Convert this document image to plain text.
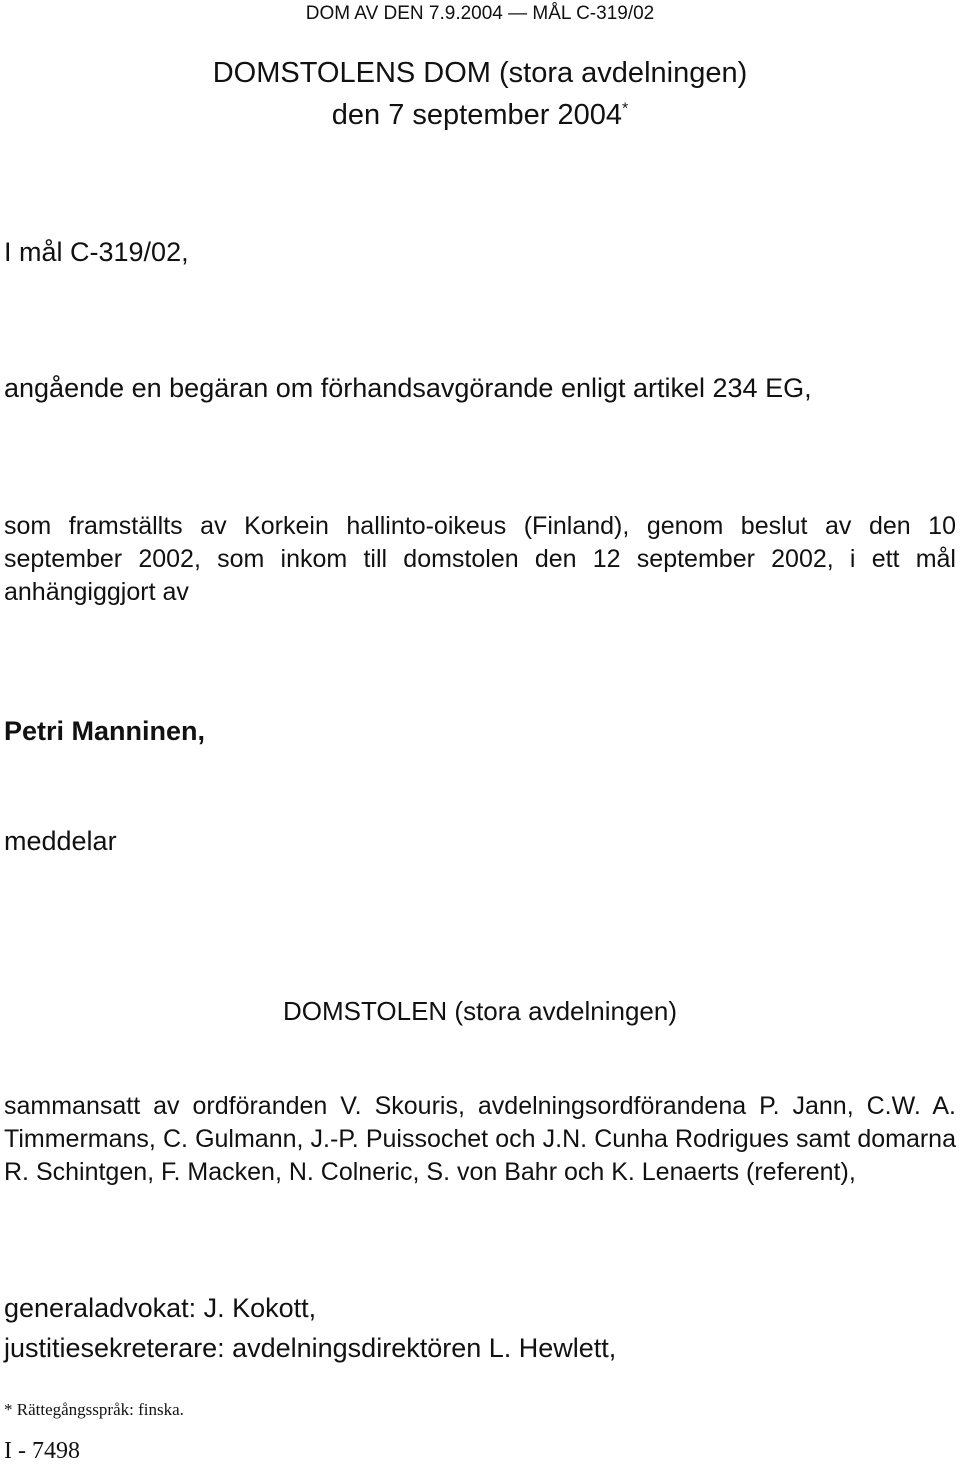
DOM AV DEN 7.9.2004 — MÅL C-319/02
DOMSTOLENS DOM (stora avdelningen)
den 7 september 2004*
I mål C-319/02,
angående en begäran om förhandsavgörande enligt artikel 234 EG,

som framställts av Korkein hallinto-oikeus (Finland), genom beslut av den 10 september 2002, som inkom till domstolen den 12 september 2002, i ett mål anhängiggjort av

Petri Manninen,
meddelar
DOMSTOLEN (stora avdelningen)

sammansatt av ordföranden V. Skouris, avdelningsordförandena P. Jann, C.W. A. Timmermans, C. Gulmann, J.-P. Puissochet och J.N. Cunha Rodrigues samt domarna R. Schintgen, F. Macken, N. Colneric, S. von Bahr och K. Lenaerts (referent),

generaladvokat: J. Kokott,
justitiesekreterare: avdelningsdirektören L. Hewlett,
* Rättegångsspråk: finska.
I - 7498
